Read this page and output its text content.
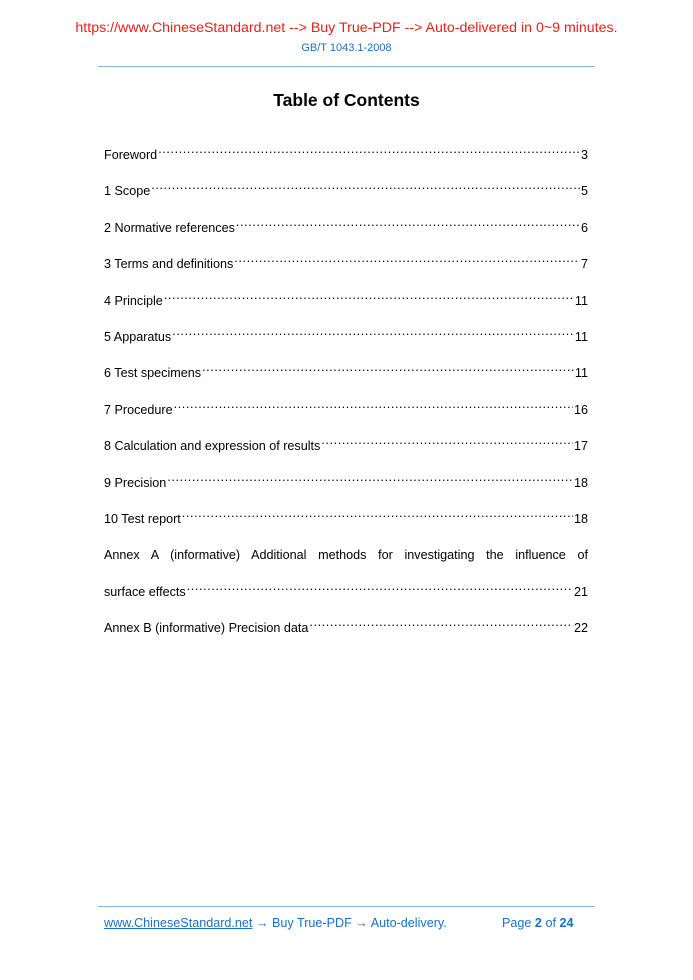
https://www.ChineseStandard.net --> Buy True-PDF --> Auto-delivered in 0~9 minutes.
GB/T 1043.1-2008
Table of Contents
Foreword .....	3
1 Scope .....	5
2 Normative references .....	6
3 Terms and definitions .....	7
4 Principle .....	11
5 Apparatus .....	11
6 Test specimens .....	11
7 Procedure .....	16
8 Calculation and expression of results .....	17
9 Precision .....	18
10 Test report .....	18
Annex A (informative) Additional methods for investigating the influence of
surface effects .....	21
Annex B (informative) Precision data .....	22
www.ChineseStandard.net → Buy True-PDF → Auto-delivery.	Page 2 of 24
